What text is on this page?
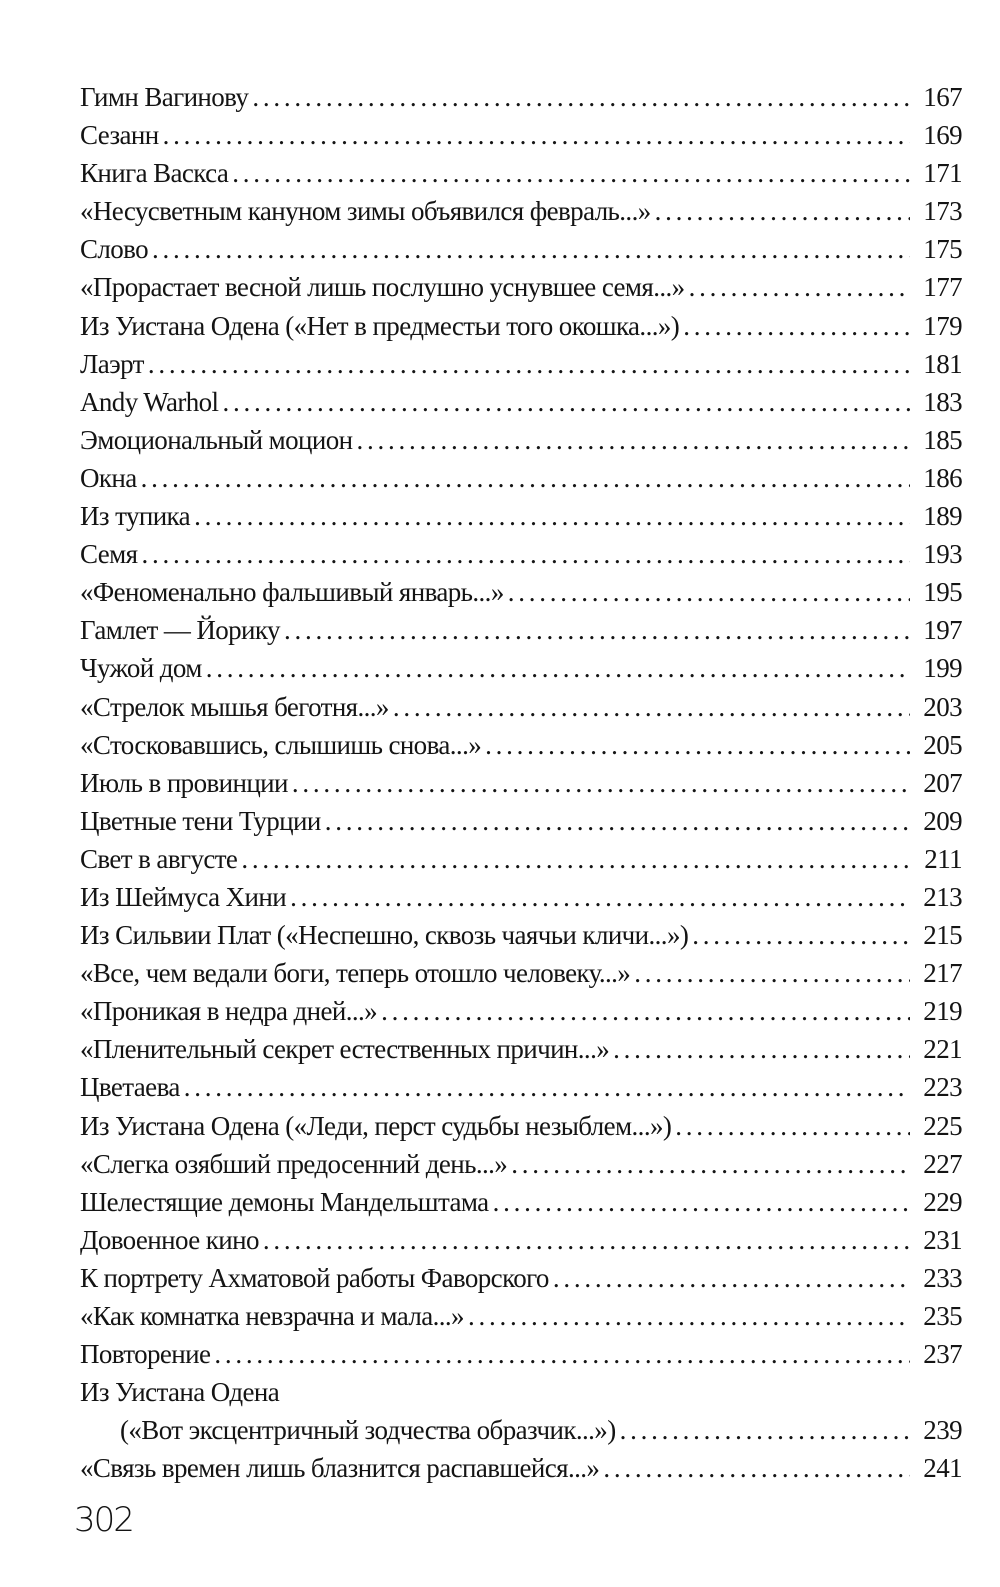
Гимн Вагинову . . .	167
Сезанн . . .	169
Книга Васкса . . .	171
«Несусветным кануном зимы объявился февраль...» . . .	173
Слово . . .	175
«Прорастает весной лишь послушно уснувшее семя...» . . .	177
Из Уистана Одена («Нет в предместьи того окошка...») . . .	179
Лаэрт . . .	181
Andy Warhol . . .	183
Эмоциональный моцион . . .	185
Окна . . .	186
Из тупика . . .	189
Семя . . .	193
«Феноменально фальшивый январь...» . . .	195
Гамлет — Йорику . . .	197
Чужой дом . . .	199
«Стрелок мышья беготня...» . . .	203
«Стосковавшись, слышишь снова...» . . .	205
Июль в провинции . . .	207
Цветные тени Турции . . .	209
Свет в августе . . .	211
Из Шеймуса Хини . . .	213
Из Сильвии Плат («Неспешно, сквозь чаячьи кличи...») . . .	215
«Все, чем ведали боги, теперь отошло человеку...» . . .	217
«Проникая в недра дней...» . . .	219
«Пленительный секрет естественных причин...» . . .	221
Цветаева . . .	223
Из Уистана Одена («Леди, перст судьбы незыблем...») . . .	225
«Слегка озябший предосенний день...» . . .	227
Шелестящие демоны Мандельштама . . .	229
Довоенное кино . . .	231
К портрету Ахматовой работы Фаворского . . .	233
«Как комнатка невзрачна и мала...» . . .	235
Повторение . . .	237
Из Уистана Одена
(«Вот эксцентричный зодчества образчик...») . . .	239
«Связь времен лишь блазнится распавшейся...» . . .	241
302
